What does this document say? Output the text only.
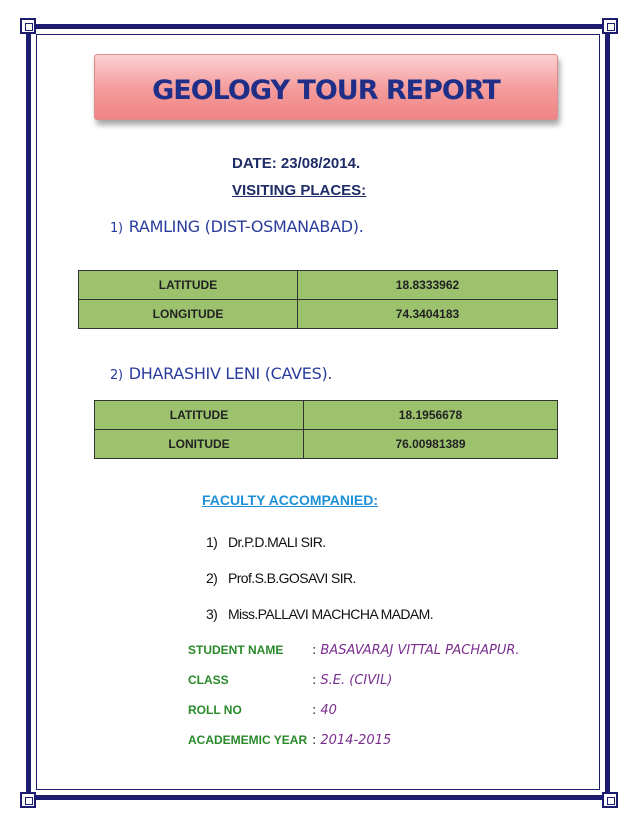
GEOLOGY TOUR REPORT
DATE: 23/08/2014.
VISITING PLACES:
1) RAMLING (DIST-OSMANABAD).
LATITUDE	18.8333962
LONGITUDE	74.3404183
2) DHARASHIV LENI (CAVES).
LATITUDE	18.1956678
LONITUDE	76.00981389
FACULTY ACCOMPANIED:
1) Dr.P.D.MALI SIR.
2) Prof.S.B.GOSAVI SIR.
3) Miss.PALLAVI MACHCHA MADAM.
STUDENT NAME	: BASAVARAJ VITTAL PACHAPUR.
CLASS	: S.E. (CIVIL)
ROLL NO	: 40
ACADEMEMIC YEAR : 2014-2015
